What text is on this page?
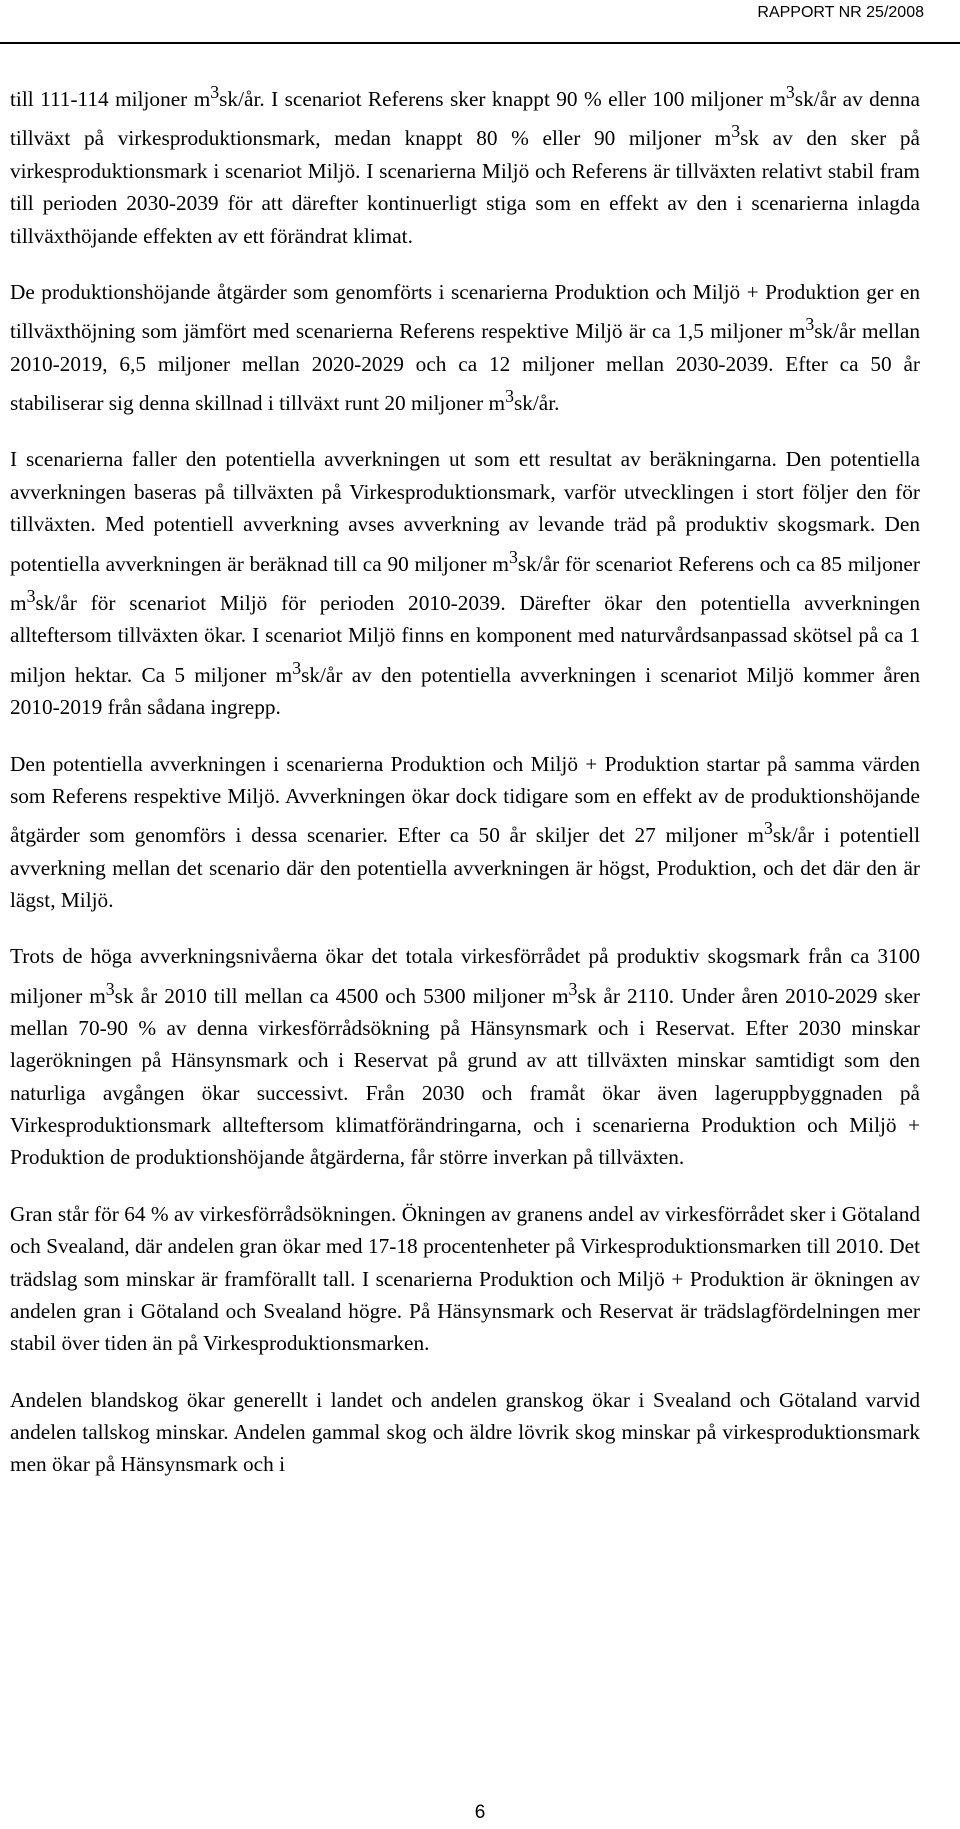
RAPPORT NR 25/2008

till 111-114 miljoner $m^3sk/år$. I scenariot Referens sker knappt 90 % eller 100 miljoner $m^3sk/år$ av denna tillväxt på virkesproduktionsmark, medan knappt 80 % eller 90 miljoner $m^3sk$ av den sker på virkesproduktionsmark i scenariot Miljö. I scenarierna Miljö och Referens är tillväxten relativt stabil fram till perioden 2030-2039 för att därefter kontinuerligt stiga som en effekt av den i scenarierna inlagda tillväxthöjande effekten av ett förändrat klimat.

De produktionshöjande åtgärder som genomförts i scenarierna Produktion och Miljö + Produktion ger en tillväxthöjning som jämfört med scenarierna Referens respektive Miljö är ca 1,5 miljoner $m^3sk/år$ mellan 2010-2019, 6,5 miljoner mellan 2020-2029 och ca 12 miljoner mellan 2030-2039. Efter ca 50 år stabiliserar sig denna skillnad i tillväxt runt 20 miljoner $m^3sk/år$.

I scenarierna faller den potentiella avverkningen ut som ett resultat av beräkningarna. Den potentiella avverkningen baseras på tillväxten på Virkesproduktionsmark, varför utvecklingen i stort följer den för tillväxten. Med potentiell avverkning avses avverkning av levande träd på produktiv skogsmark. Den potentiella avverkningen är beräknad till ca 90 miljoner $m^3sk/år$ för scenariot Referens och ca 85 miljoner $m^3sk/år$ för scenariot Miljö för perioden 2010-2039. Därefter ökar den potentiella avverkningen allteftersom tillväxten ökar. I scenariot Miljö finns en komponent med naturvårdsanpassad skötsel på ca 1 miljon hektar. Ca 5 miljoner $m^3sk/år$ av den potentiella avverkningen i scenariot Miljö kommer åren 2010-2019 från sådana ingrepp.

Den potentiella avverkningen i scenarierna Produktion och Miljö + Produktion startar på samma värden som Referens respektive Miljö. Avverkningen ökar dock tidigare som en effekt av de produktionshöjande åtgärder som genomförs i dessa scenarier. Efter ca 50 år skiljer det 27 miljoner $m^3sk/år$ i potentiell avverkning mellan det scenario där den potentiella avverkningen är högst, Produktion, och det där den är lägst, Miljö.

Trots de höga avverkningsnivåerna ökar det totala virkesförrådet på produktiv skogsmark från ca 3100 miljoner $m^3sk$ år 2010 till mellan ca 4500 och 5300 miljoner $m^3sk$ år 2110. Under åren 2010-2029 sker mellan 70-90 % av denna virkesförrådsökning på Hänsynsmark och i Reservat. Efter 2030 minskar lagerökningen på Hänsynsmark och i Reservat på grund av att tillväxten minskar samtidigt som den naturliga avgången ökar successivt. Från 2030 och framåt ökar även lageruppbyggnaden på Virkesproduktionsmark allteftersom klimatförändringarna, och i scenarierna Produktion och Miljö + Produktion de produktionshöjande åtgärderna, får större inverkan på tillväxten.

Gran står för 64 % av virkesförrådsökningen. Ökningen av granens andel av virkesförrådet sker i Götaland och Svealand, där andelen gran ökar med 17-18 procentenheter på Virkesproduktionsmarken till 2010. Det trädslag som minskar är framförallt tall. I scenarierna Produktion och Miljö + Produktion är ökningen av andelen gran i Götaland och Svealand högre. På Hänsynsmark och Reservat är trädslagfördelningen mer stabil över tiden än på Virkesproduktionsmarken.

Andelen blandskog ökar generellt i landet och andelen granskog ökar i Svealand och Götaland varvid andelen tallskog minskar. Andelen gammal skog och äldre lövrik skog minskar på virkesproduktionsmark men ökar på Hänsynsmark och i

6
